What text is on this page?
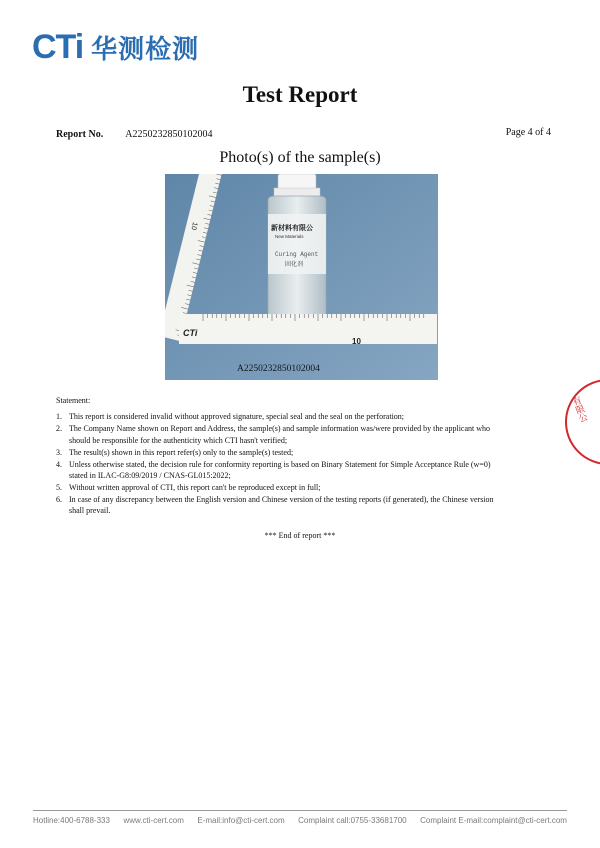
CTi 华测检测
Test Report
Report No. A2250232850102004	Page 4 of 4
Photo(s) of the sample(s)
10	新材料有限公
New Materials
Curing Agent
固化剂
CTi
10
A2250232850102004
Statement:
1. This report is considered invalid without approved signature, special seal and the seal on the perforation;
2. The Company Name shown on Report and Address, the sample(s) and sample information was/were provided by the applicant who should be responsible for the authenticity which CTI hasn't verified;
3. The result(s) shown in this report refer(s) only to the sample(s) tested;
4. Unless otherwise stated, the decision rule for conformity reporting is based on Binary Statement for Simple Acceptance Rule (w=0) stated in ILAC-G8:09/2019 / CNAS-GL015:2022;
5. Without written approval of CTI, this report can't be reproduced except in full;
6. In case of any discrepancy between the English version and Chinese version of the testing reports (if generated), the Chinese version shall prevail.
*** End of report ***
有限公
Hotline:400-6788-333 www.cti-cert.com E-mail:info@cti-cert.com Complaint call:0755-33681700 Complaint E-mail:complaint@cti-cert.com
